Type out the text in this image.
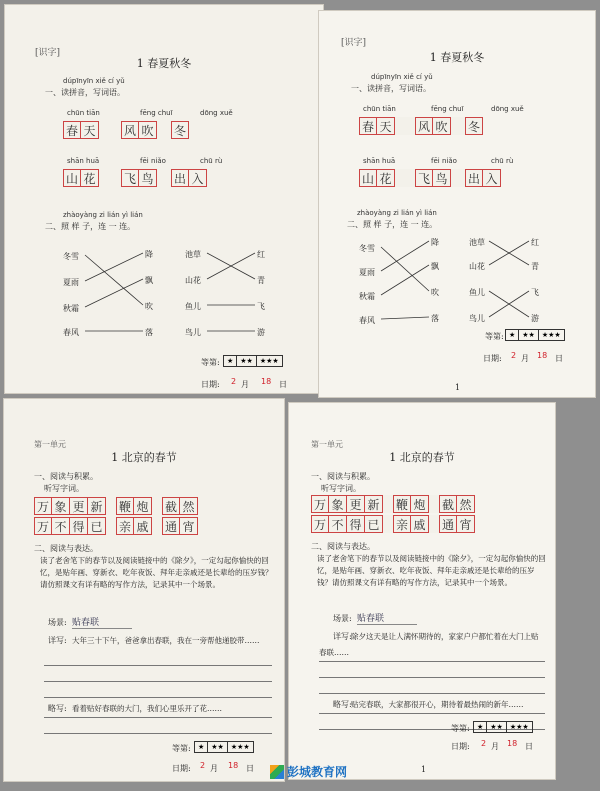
[识字]
1 春夏秋冬
dúpīnyīn xiě cí yǔ
一、读拼音，写词语。
chūn tiān	fēng chuī	dōng xuě
春 天 风 吹 冬
shān huā	fēi niǎo	chū rù
山 花 飞 鸟 出 入
zhàoyàng zi lián yì lián
二、照 样 子，连 一 连。
冬雪
夏雨
秋霜
春风
降
飘
吹
落
池草
山花
鱼儿
鸟儿
红
青
飞
游
等第:	★	★★	★★★
日期: 2 月 18 日
[识字]
1 春夏秋冬
dúpīnyīn xiě cí yǔ
一、读拼音，写词语。
chūn tiān	fēng chuī	dōng xuě
春 天 风 吹 冬
shān huā	fēi niǎo	chū rù
山 花 飞 鸟 出 入
zhàoyàng zi lián yì lián
二、照 样 子，连 一 连。
冬雪
夏雨
秋霜
春风
降
飘
吹
落
池草
山花
鱼儿
鸟儿
红
青
飞
游
等第: ★	★★	★★★
日期: 2 月 18 日
1
第一单元
1 北京的春节
一、阅读与积累。
听写字词。
万 象 更 新 鞭 炮 截 然
万 不 得 已 亲 戚 通 宵
二、阅读与表达。
读了老舍笔下的春节以及阅读链接中的《除夕》，一定勾起你愉快的回忆，是贴年画、穿新衣、吃年夜饭、拜年走亲戚还是长辈给的压岁钱？请仿照课文有详有略的写作方法，记录其中一个场景。
场景: 贴春联
详写: 大年三十下午，爸爸拿出春联，我在一旁帮他递胶带……
略写: 看着贴好春联的大门，我们心里乐开了花……
等第:	★	★★	★★★
日期: 2 月 18 日
第一单元
1 北京的春节
一、阅读与积累。
听写字词。
万 象 更 新 鞭 炮 截 然
万 不 得 已 亲 戚 通 宵
二、阅读与表达。
读了老舍笔下的春节以及阅读链接中的《除夕》，一定勾起你愉快的回忆，是贴年画、穿新衣、吃年夜饭、拜年走亲戚还是长辈给的压岁钱？请仿照课文有详有略的写作方法，记录其中一个场景。
场景: 贴春联
详写: 除夕这天是让人满怀期待的，家家户户都忙着在大门上贴春联……
略写: 贴完春联，大家都很开心，期待着最热闹的新年……
等第:	★	★★	★★★
日期: 2 月 18 日
1
彭城教育网
